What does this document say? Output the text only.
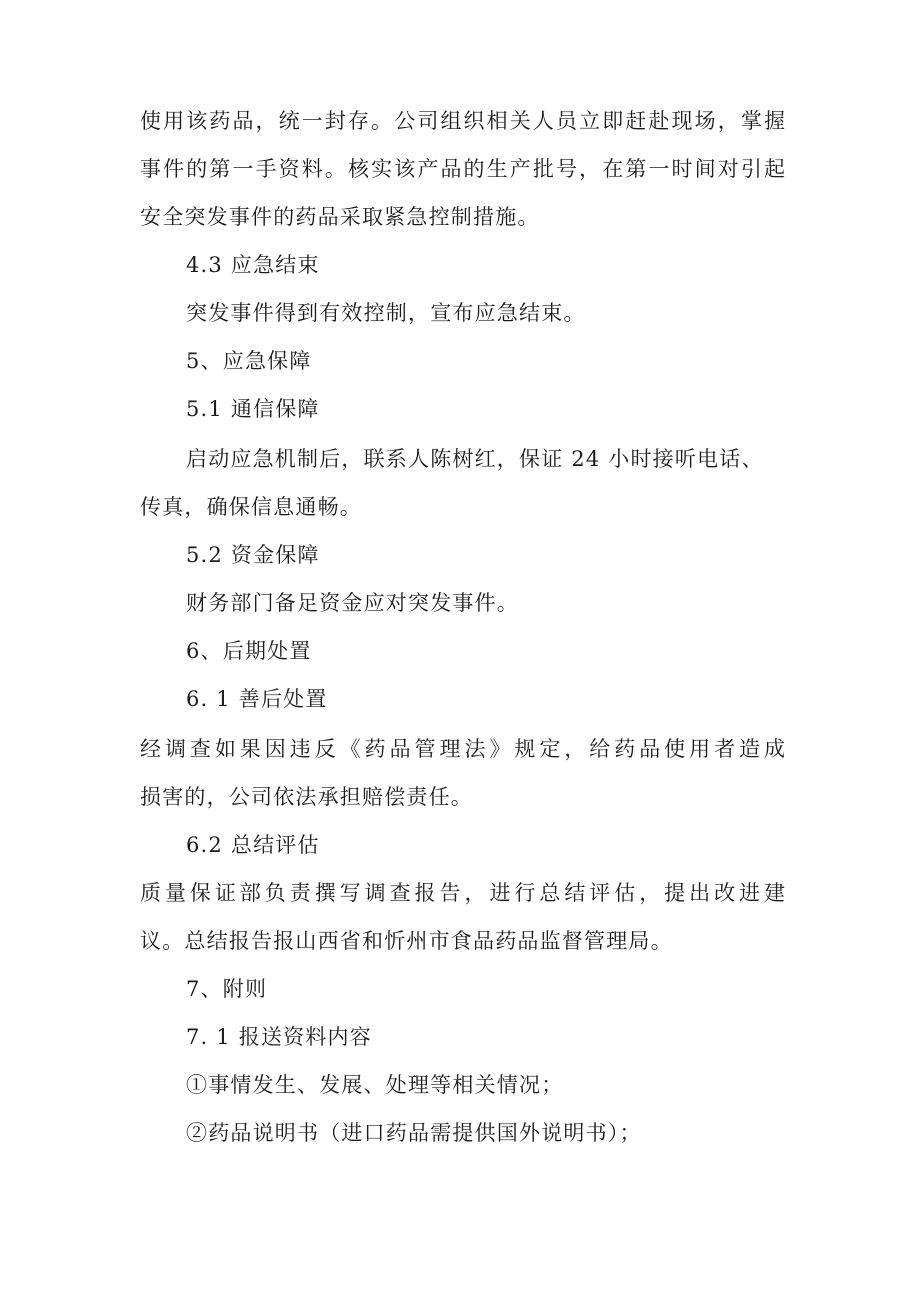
使用该药品，统一封存。公司组织相关人员立即赶赴现场，掌握
事件的第一手资料。核实该产品的生产批号，在第一时间对引起
安全突发事件的药品采取紧急控制措施。
4.3 应急结束
突发事件得到有效控制，宣布应急结束。
5、应急保障
5.1 通信保障
启动应急机制后，联系人陈树红，保证 24 小时接听电话、
传真，确保信息通畅。
5.2 资金保障
财务部门备足资金应对突发事件。
6、后期处置
6. 1 善后处置
经调查如果因违反《药品管理法》规定，给药品使用者造成
损害的，公司依法承担赔偿责任。
6.2 总结评估
质量保证部负责撰写调查报告，进行总结评估，提出改进建
议。总结报告报山西省和忻州市食品药品监督管理局。
7、附则
7. 1 报送资料内容
①事情发生、发展、处理等相关情况；
②药品说明书（进口药品需提供国外说明书）；
